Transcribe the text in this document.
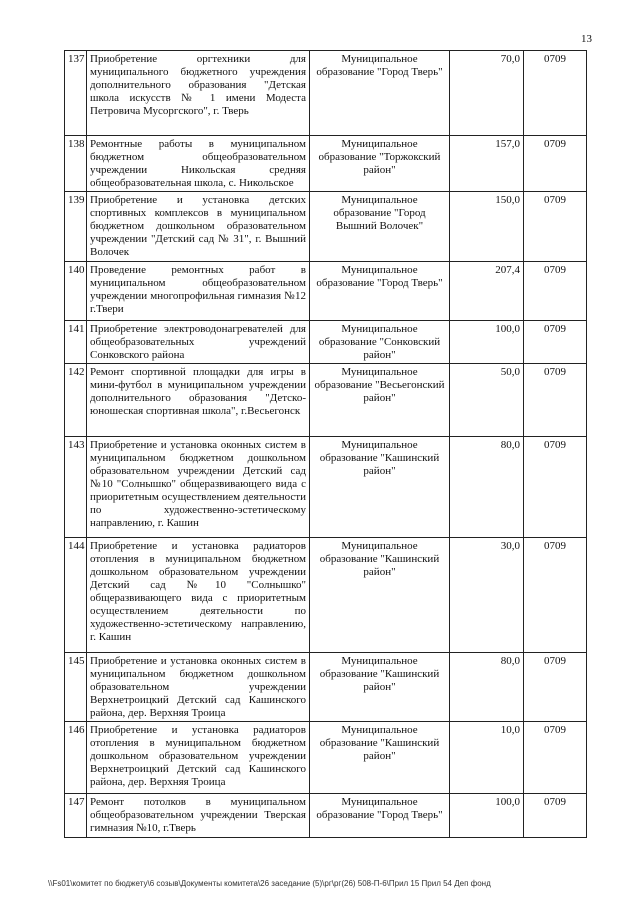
13
137	Приобретение оргтехники для муниципального бюджетного учреждения дополнительного образования "Детская школа искусств № 1 имени Модеста Петровича Мусоргского", г. Тверь	Муниципальное образование "Город Тверь"	70,0	0709
138	Ремонтные работы в муниципальном бюджетном общеобразовательном учреждении Никольская средняя общеобразовательная школа, с. Никольское	Муниципальное образование "Торжокский район"	157,0	0709
139	Приобретение и установка детских спортивных комплексов в муниципальном бюджетном дошкольном образовательном учреждении "Детский сад № 31", г. Вышний Волочек	Муниципальное образование "Город Вышний Волочек"	150,0	0709
140	Проведение ремонтных работ в муниципальном общеобразовательном учреждении многопрофильная гимназия №12 г.Твери	Муниципальное образование "Город Тверь"	207,4	0709
141	Приобретение электроводонагревателей для общеобразовательных учреждений Сонковского района	Муниципальное образование "Сонковский район"	100,0	0709
142	Ремонт спортивной площадки для игры в мини-футбол в муниципальном учреждении дополнительного образования "Детско-юношеская спортивная школа", г.Весьегонск	Муниципальное образование "Весьегонский район"	50,0	0709
143	Приобретение и установка оконных систем в муниципальном бюджетном дошкольном образовательном учреждении Детский сад №10 "Солнышко" общеразвивающего вида с приоритетным осуществлением деятельности по художественно-эстетическому направлению, г. Кашин	Муниципальное образование "Кашинский район"	80,0	0709
144	Приобретение и установка радиаторов отопления в муниципальном бюджетном дошкольном образовательном учреждении Детский сад №10 "Солнышко" общеразвивающего вида с приоритетным осуществлением деятельности по художественно-эстетическому направлению, г. Кашин	Муниципальное образование "Кашинский район"	30,0	0709
145	Приобретение и установка оконных систем в муниципальном бюджетном дошкольном образовательном учреждении Верхнетроицкий Детский сад Кашинского района, дер. Верхняя Троица	Муниципальное образование "Кашинский район"	80,0	0709
146	Приобретение и установка радиаторов отопления в муниципальном бюджетном дошкольном образовательном учреждении Верхнетроицкий Детский сад Кашинского района, дер. Верхняя Троица	Муниципальное образование "Кашинский район"	10,0	0709
147	Ремонт потолков в муниципальном общеобразовательном учреждении Тверская гимназия №10, г.Тверь	Муниципальное образование "Город Тверь"	100,0	0709
\\Fs01\комитет по бюджету\6 созыв\Документы комитета\26 заседание (5)\рг\рг(26) 508-П-6\Прил 15 Прил 54 Деп фонд
